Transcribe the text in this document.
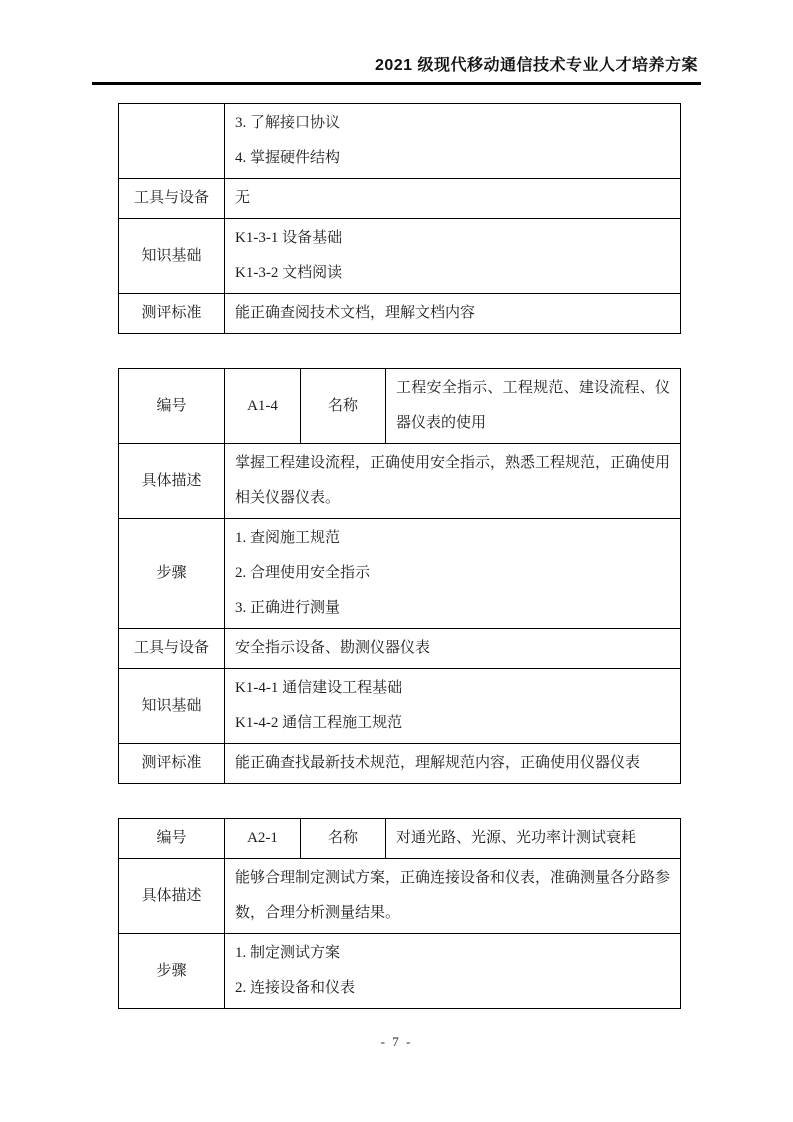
2021 级现代移动通信技术专业人才培养方案

	3. 了解接口协议
4. 掌握硬件结构

工具与设备	无

知识基础	K1-3-1 设备基础
K1-3-2 文档阅读

测评标准	能正确查阅技术文档，理解文档内容
编号	A1-4	名称	工程安全指示、工程规范、建设流程、仪器仪表的使用

具体描述	掌握工程建设流程，正确使用安全指示，熟悉工程规范，正确使用相关仪器仪表。		

步骤	1. 查阅施工规范
2. 合理使用安全指示
3. 正确进行测量		

工具与设备	安全指示设备、勘测仪器仪表		

知识基础	K1-4-1 通信建设工程基础
K1-4-2 通信工程施工规范		

测评标准	能正确查找最新技术规范，理解规范内容，正确使用仪器仪表		
编号	A2-1	名称	对通光路、光源、光功率计测试衰耗

具体描述	能够合理制定测试方案，正确连接设备和仪表，准确测量各分路参数，合理分析测量结果。		

步骤	1. 制定测试方案
2. 连接设备和仪表		
- 7 -
